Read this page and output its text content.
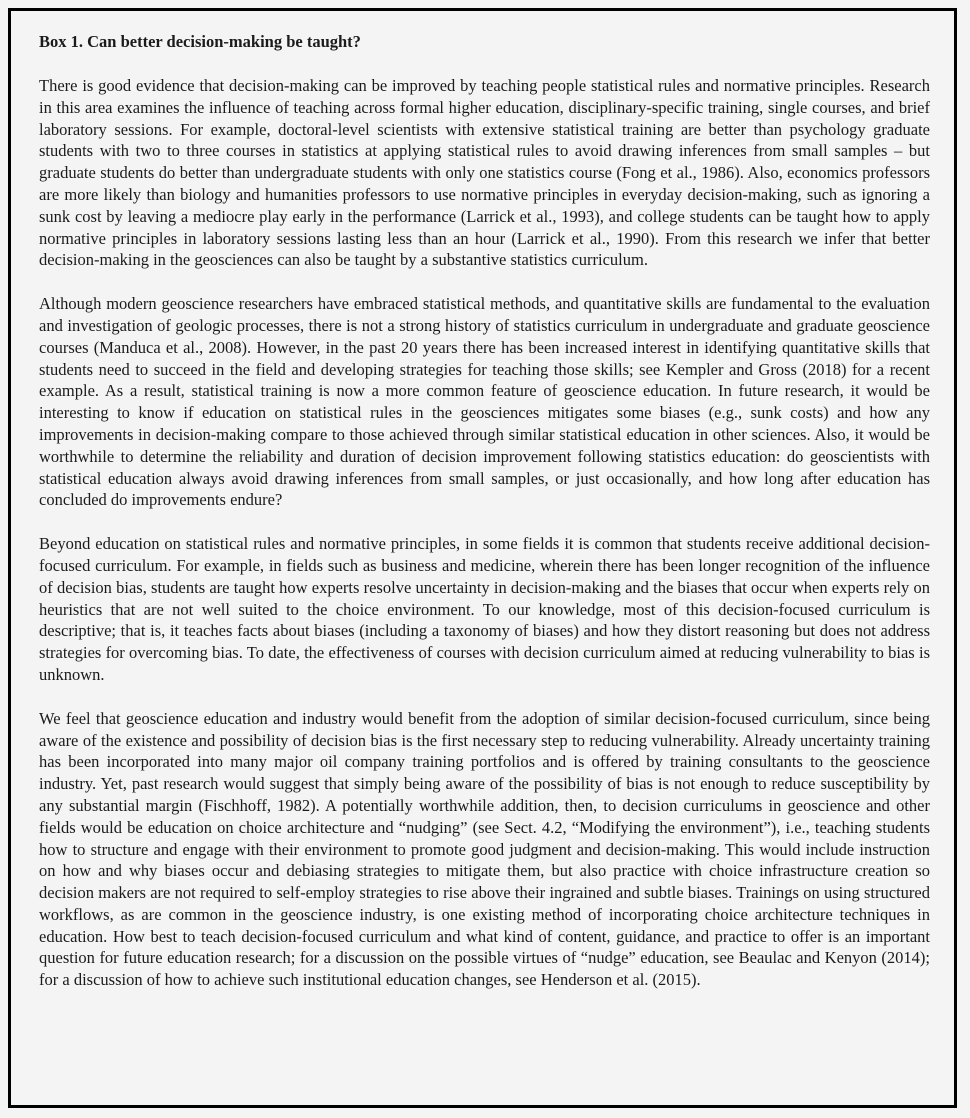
Box 1. Can better decision-making be taught?

There is good evidence that decision-making can be improved by teaching people statistical rules and normative principles. Research in this area examines the influence of teaching across formal higher education, disciplinary-specific training, single courses, and brief laboratory sessions. For example, doctoral-level scientists with extensive statistical training are better than psychology graduate students with two to three courses in statistics at applying statistical rules to avoid drawing inferences from small samples – but graduate students do better than undergraduate students with only one statistics course (Fong et al., 1986). Also, economics professors are more likely than biology and humanities professors to use normative principles in everyday decision-making, such as ignoring a sunk cost by leaving a mediocre play early in the performance (Larrick et al., 1993), and college students can be taught how to apply normative principles in laboratory sessions lasting less than an hour (Larrick et al., 1990). From this research we infer that better decision-making in the geosciences can also be taught by a substantive statistics curriculum.

Although modern geoscience researchers have embraced statistical methods, and quantitative skills are fundamental to the evaluation and investigation of geologic processes, there is not a strong history of statistics curriculum in undergraduate and graduate geoscience courses (Manduca et al., 2008). However, in the past 20 years there has been increased interest in identifying quantitative skills that students need to succeed in the field and developing strategies for teaching those skills; see Kempler and Gross (2018) for a recent example. As a result, statistical training is now a more common feature of geoscience education. In future research, it would be interesting to know if education on statistical rules in the geosciences mitigates some biases (e.g., sunk costs) and how any improvements in decision-making compare to those achieved through similar statistical education in other sciences. Also, it would be worthwhile to determine the reliability and duration of decision improvement following statistics education: do geoscientists with statistical education always avoid drawing inferences from small samples, or just occasionally, and how long after education has concluded do improvements endure?

Beyond education on statistical rules and normative principles, in some fields it is common that students receive additional decision-focused curriculum. For example, in fields such as business and medicine, wherein there has been longer recognition of the influence of decision bias, students are taught how experts resolve uncertainty in decision-making and the biases that occur when experts rely on heuristics that are not well suited to the choice environment. To our knowledge, most of this decision-focused curriculum is descriptive; that is, it teaches facts about biases (including a taxonomy of biases) and how they distort reasoning but does not address strategies for overcoming bias. To date, the effectiveness of courses with decision curriculum aimed at reducing vulnerability to bias is unknown.

We feel that geoscience education and industry would benefit from the adoption of similar decision-focused curriculum, since being aware of the existence and possibility of decision bias is the first necessary step to reducing vulnerability. Already uncertainty training has been incorporated into many major oil company training portfolios and is offered by training consultants to the geoscience industry. Yet, past research would suggest that simply being aware of the possibility of bias is not enough to reduce susceptibility by any substantial margin (Fischhoff, 1982). A potentially worthwhile addition, then, to decision curriculums in geoscience and other fields would be education on choice architecture and “nudging” (see Sect. 4.2, “Modifying the environment”), i.e., teaching students how to structure and engage with their environment to promote good judgment and decision-making. This would include instruction on how and why biases occur and debiasing strategies to mitigate them, but also practice with choice infrastructure creation so decision makers are not required to self-employ strategies to rise above their ingrained and subtle biases. Trainings on using structured workflows, as are common in the geoscience industry, is one existing method of incorporating choice architecture techniques in education. How best to teach decision-focused curriculum and what kind of content, guidance, and practice to offer is an important question for future education research; for a discussion on the possible virtues of “nudge” education, see Beaulac and Kenyon (2014); for a discussion of how to achieve such institutional education changes, see Henderson et al. (2015).
